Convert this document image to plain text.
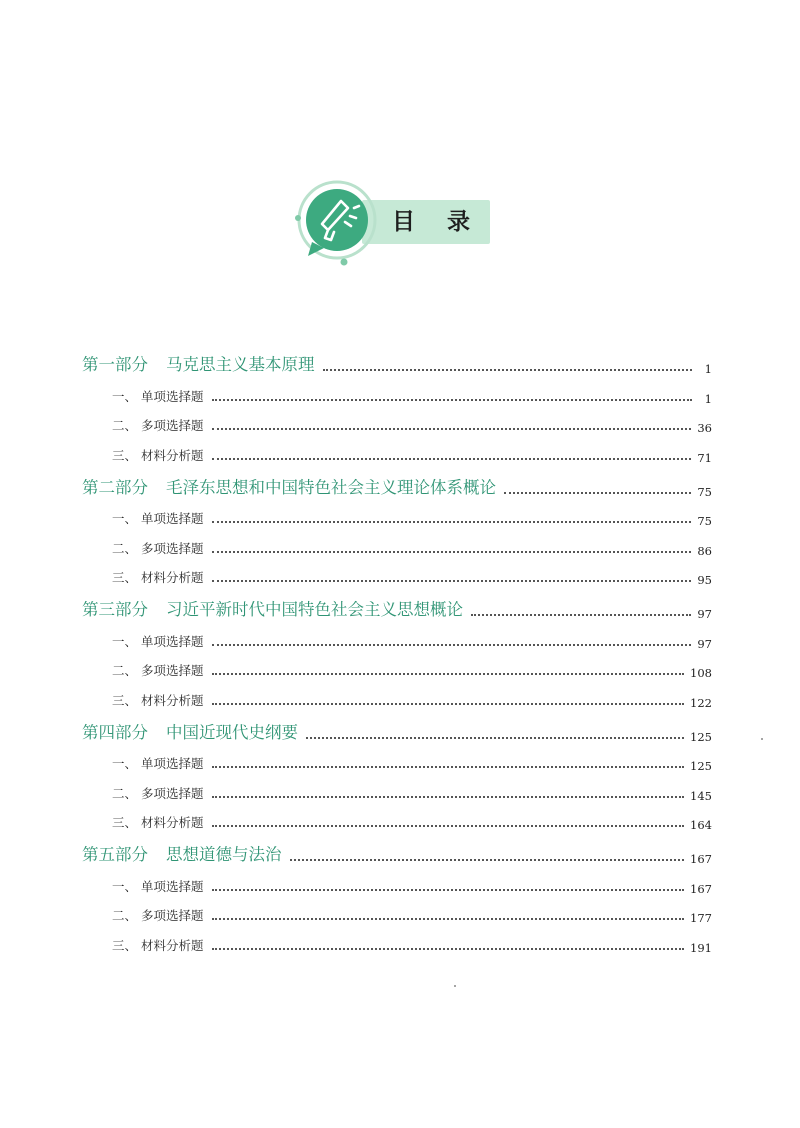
目 录
第一部分 马克思主义基本原理	1
一、 单项选择题	1
二、 多项选择题	36
三、 材料分析题	71
第二部分 毛泽东思想和中国特色社会主义理论体系概论	75
一、 单项选择题	75
二、 多项选择题	86
三、 材料分析题	95
第三部分 习近平新时代中国特色社会主义思想概论	97
一、 单项选择题	97
二、 多项选择题	108
三、 材料分析题	122
第四部分 中国近现代史纲要	125
一、 单项选择题	125
二、 多项选择题	145
三、 材料分析题	164
第五部分 思想道德与法治	167
一、 单项选择题	167
二、 多项选择题	177
三、 材料分析题	191
